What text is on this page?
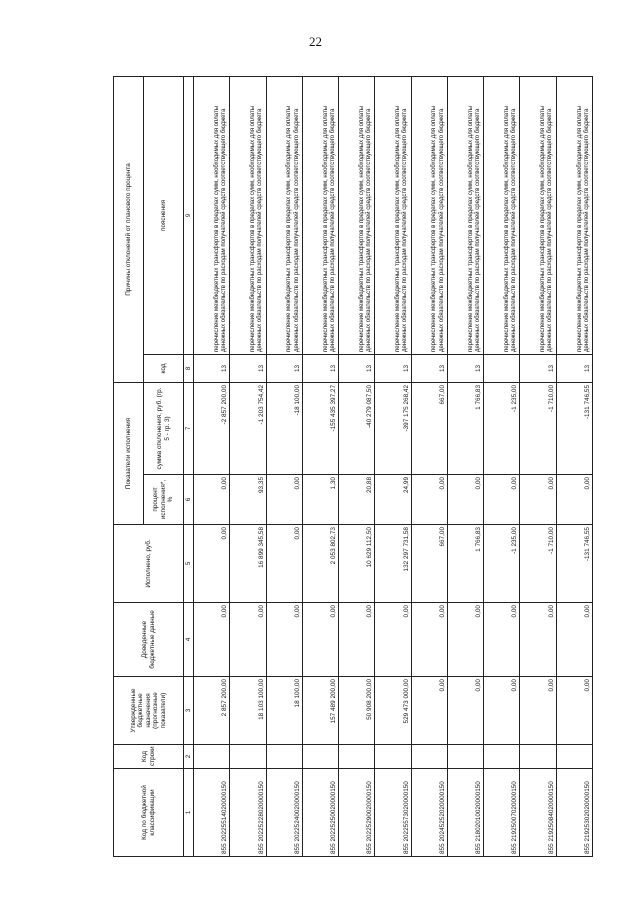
22
Код по бюджетной классификации	Код строки	Утвержденные бюджетные назначения (прогнозные показатели)	Доведенные бюджетные данные	Исполнено, руб.	Показатели исполнения		Причины отклонений от планового процента	
					процент исполнения*, %	сумма отклонения, руб. (гр. 5 - гр. 3)	код	пояснения
1	2	3	4	5	6	7	8	9
855 20225514020000150		2 857 200,00	0,00	0,00	0,00	-2 857 200,00	13	перечисление межбюджетных трансфертов в пределах сумм, необходимых для оплаты денежных обязательств по расходам получателей средств соответствующего бюджета
855 20225228020000150		18 103 100,00	0,00	16 899 345,58	93,35	-1 203 754,42	13	перечисление межбюджетных трансфертов в пределах сумм, необходимых для оплаты денежных обязательств по расходам получателей средств соответствующего бюджета
855 20225240020000150		18 100,00	0,00	0,00	0,00	-18 100,00	13	перечисление межбюджетных трансфертов в пределах сумм, необходимых для оплаты денежных обязательств по расходам получателей средств соответствующего бюджета
855 20225250020000150		157 489 200,00	0,00	2 053 802,73	1,30	-155 435 397,27	13	перечисление межбюджетных трансфертов в пределах сумм, необходимых для оплаты денежных обязательств по расходам получателей средств соответствующего бюджета
855 20225290020000150		50 908 200,00	0,00	10 629 112,50	20,88	-40 279 087,50	13	перечисление межбюджетных трансфертов в пределах сумм, необходимых для оплаты денежных обязательств по расходам получателей средств соответствующего бюджета
855 20225573020000150		529 473 000,00	0,00	132 297 731,58	24,99	-397 175 268,42	13	перечисление межбюджетных трансфертов в пределах сумм, необходимых для оплаты денежных обязательств по расходам получателей средств соответствующего бюджета
855 20245252020000150		0,00	0,00	667,00	0,00	667,00	13	перечисление межбюджетных трансфертов в пределах сумм, необходимых для оплаты денежных обязательств по расходам получателей средств соответствующего бюджета
855 21802010020000150		0,00	0,00	1 766,83	0,00	1 766,83	13	перечисление межбюджетных трансфертов в пределах сумм, необходимых для оплаты денежных обязательств по расходам получателей средств соответствующего бюджета
855 21925007020000150		0,00	0,00	-1 235,00	0,00	-1 235,00		перечисление межбюджетных трансфертов в пределах сумм, необходимых для оплаты денежных обязательств по расходам получателей средств соответствующего бюджета
855 21925084020000150		0,00	0,00	-1 710,00	0,00	-1 710,00	13	перечисление межбюджетных трансфертов в пределах сумм, необходимых для оплаты денежных обязательств по расходам получателей средств соответствующего бюджета
855 21925302020000150		0,00	0,00	-131 746,55	0,00	-131 746,55	13	перечисление межбюджетных трансфертов в пределах сумм, необходимых для оплаты денежных обязательств по расходам получателей средств соответствующего бюджета
